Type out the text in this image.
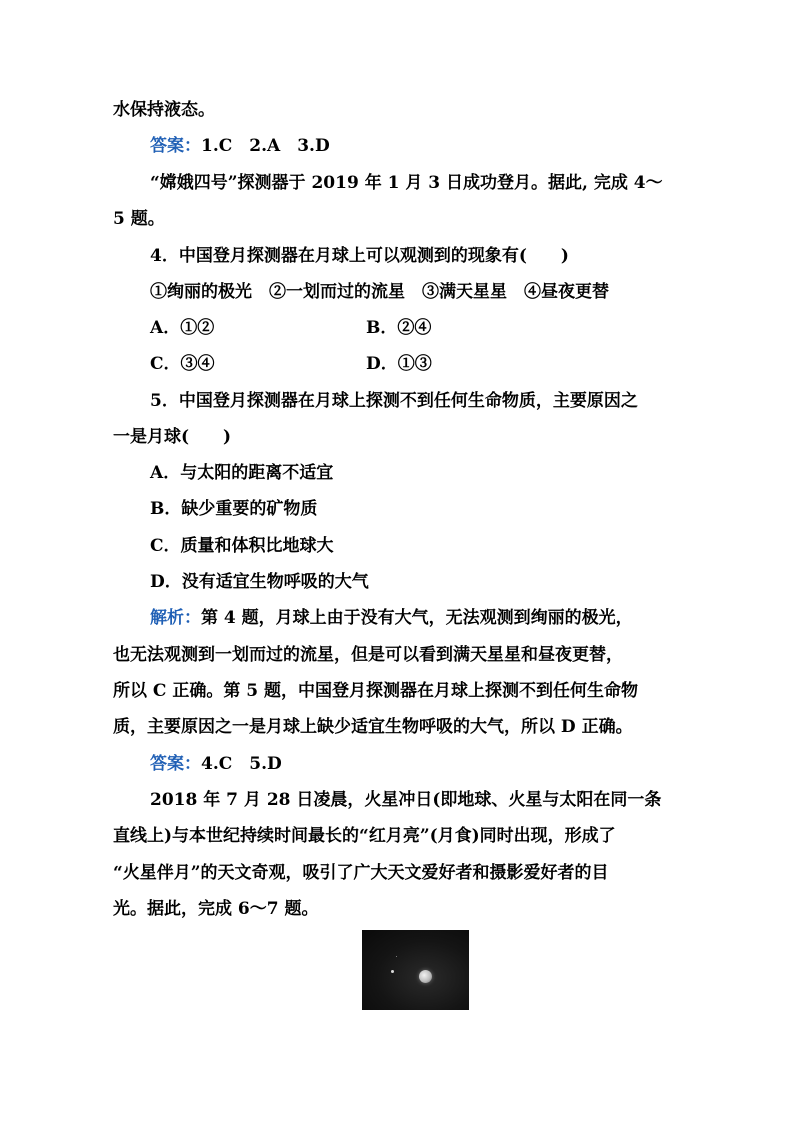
水保持液态。
答案：1.C　2.A　3.D
“嫦娥四号”探测器于 2019 年 1 月 3 日成功登月。据此, 完成 4～
5 题。
4．中国登月探测器在月球上可以观测到的现象有(　　)
①绚丽的极光　②一划而过的流星　③满天星星　④昼夜更替
A．①②	B．②④
C．③④	D．①③
5．中国登月探测器在月球上探测不到任何生命物质，主要原因之
一是月球(　　)
A．与太阳的距离不适宜
B．缺少重要的矿物质
C．质量和体积比地球大
D．没有适宜生物呼吸的大气
解析：第 4 题，月球上由于没有大气，无法观测到绚丽的极光，
也无法观测到一划而过的流星，但是可以看到满天星星和昼夜更替，
所以 C 正确。第 5 题，中国登月探测器在月球上探测不到任何生命物
质，主要原因之一是月球上缺少适宜生物呼吸的大气，所以 D 正确。
答案：4.C　5.D
2018 年 7 月 28 日凌晨，火星冲日(即地球、火星与太阳在同一条
直线上)与本世纪持续时间最长的“红月亮”(月食)同时出现，形成了
“火星伴月”的天文奇观，吸引了广大天文爱好者和摄影爱好者的目
光。据此，完成 6～7 题。
